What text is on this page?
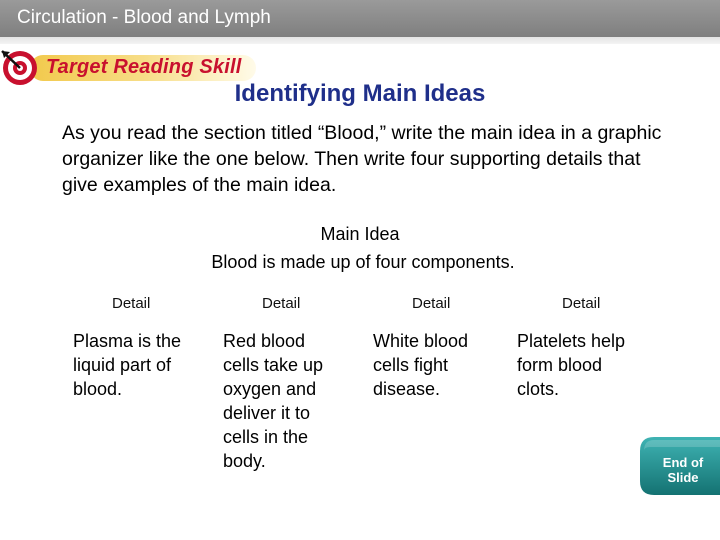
Circulation - Blood and Lymph
Target Reading Skill
Identifying Main Ideas
As you read the section titled “Blood,” write the main idea in a graphic organizer like the one below. Then write four supporting details that give examples of the main idea.
Main Idea
Blood is made up of four components.
Detail	Detail	Detail	Detail
Plasma is the liquid part of blood.
Red blood cells take up oxygen and deliver it to cells in the body.
White blood cells fight disease.
Platelets help form blood clots.
End of
Slide
